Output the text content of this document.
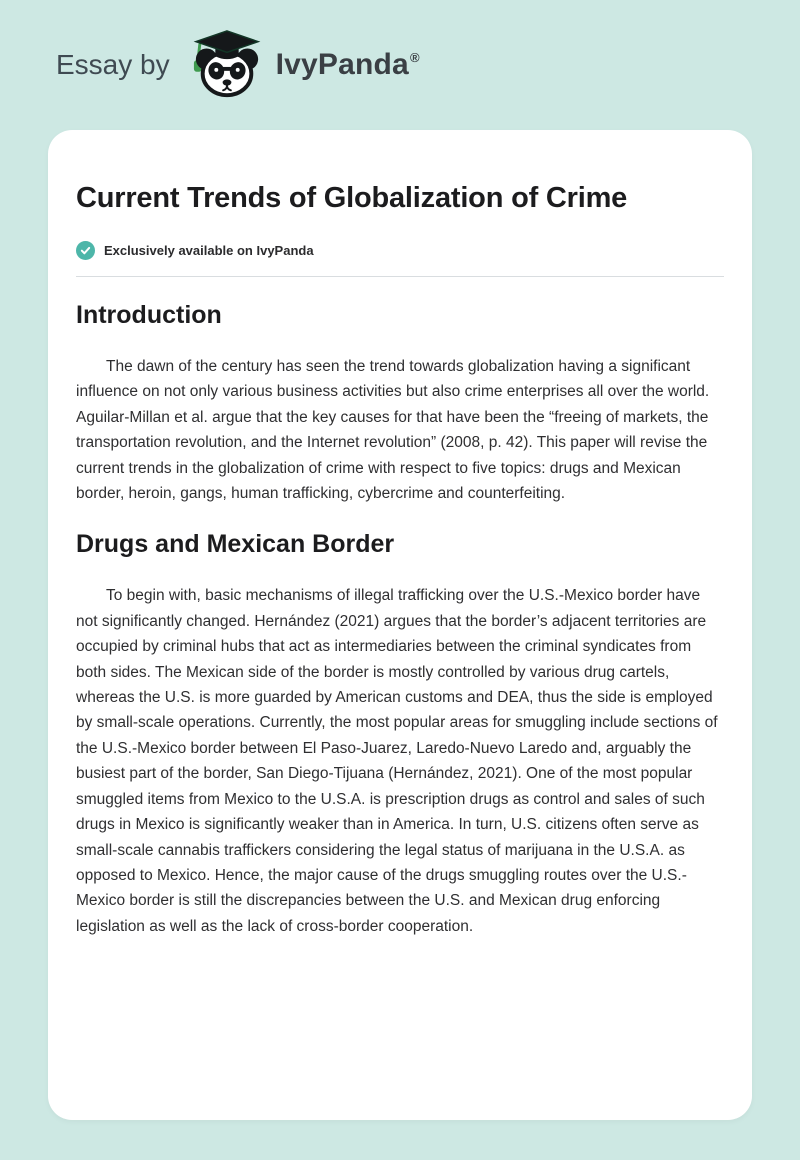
Essay by	IvyPanda®
Current Trends of Globalization of Crime
Exclusively available on IvyPanda
Introduction

The dawn of the century has seen the trend towards globalization having a significant influence on not only various business activities but also crime enterprises all over the world. Aguilar-Millan et al. argue that the key causes for that have been the “freeing of markets, the transportation revolution, and the Internet revolution” (2008, p. 42). This paper will revise the current trends in the globalization of crime with respect to five topics: drugs and Mexican border, heroin, gangs, human trafficking, cybercrime and counterfeiting.

Drugs and Mexican Border

To begin with, basic mechanisms of illegal trafficking over the U.S.-Mexico border have not significantly changed. Hernández (2021) argues that the border’s adjacent territories are occupied by criminal hubs that act as intermediaries between the criminal syndicates from both sides. The Mexican side of the border is mostly controlled by various drug cartels, whereas the U.S. is more guarded by American customs and DEA, thus the side is employed by small-scale operations. Currently, the most popular areas for smuggling include sections of the U.S.-Mexico border between El Paso-Juarez, Laredo-Nuevo Laredo and, arguably the busiest part of the border, San Diego-Tijuana (Hernández, 2021). One of the most popular smuggled items from Mexico to the U.S.A. is prescription drugs as control and sales of such drugs in Mexico is significantly weaker than in America. In turn, U.S. citizens often serve as small-scale cannabis traffickers considering the legal status of marijuana in the U.S.A. as opposed to Mexico. Hence, the major cause of the drugs smuggling routes over the U.S.-Mexico border is still the discrepancies between the U.S. and Mexican drug enforcing legislation as well as the lack of cross-border cooperation.
